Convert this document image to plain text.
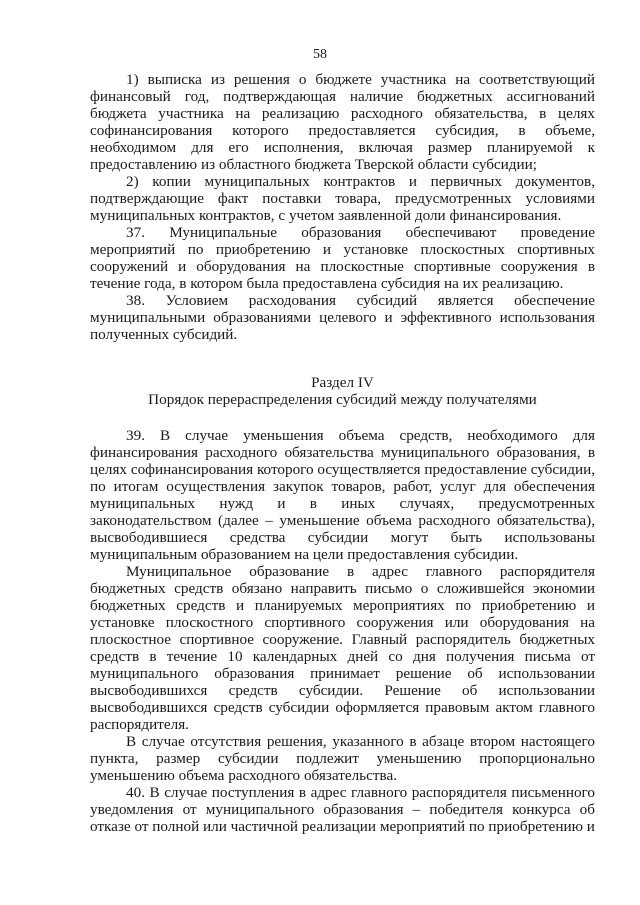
58

1) выписка из решения о бюджете участника на соответствующий финансовый год, подтверждающая наличие бюджетных ассигнований бюджета участника на реализацию расходного обязательства, в целях софинансирования которого предоставляется субсидия, в объеме, необходимом для его исполнения, включая размер планируемой к предоставлению из областного бюджета Тверской области субсидии;

2) копии муниципальных контрактов и первичных документов, подтверждающие факт поставки товара, предусмотренных условиями муниципальных контрактов, с учетом заявленной доли финансирования.

37. Муниципальные образования обеспечивают проведение мероприятий по приобретению и установке плоскостных спортивных сооружений и оборудования на плоскостные спортивные сооружения в течение года, в котором была предоставлена субсидия на их реализацию.

38. Условием расходования субсидий является обеспечение муниципальными образованиями целевого и эффективного использования полученных субсидий.

Раздел IV

Порядок перераспределения субсидий между получателями

39. В случае уменьшения объема средств, необходимого для финансирования расходного обязательства муниципального образования, в целях софинансирования которого осуществляется предоставление субсидии, по итогам осуществления закупок товаров, работ, услуг для обеспечения муниципальных нужд и в иных случаях, предусмотренных законодательством (далее – уменьшение объема расходного обязательства), высвободившиеся средства субсидии могут быть использованы муниципальным образованием на цели предоставления субсидии.

Муниципальное образование в адрес главного распорядителя бюджетных средств обязано направить письмо о сложившейся экономии бюджетных средств и планируемых мероприятиях по приобретению и установке плоскостного спортивного сооружения или оборудования на плоскостное спортивное сооружение. Главный распорядитель бюджетных средств в течение 10 календарных дней со дня получения письма от муниципального образования принимает решение об использовании высвободившихся средств субсидии. Решение об использовании высвободившихся средств субсидии оформляется правовым актом главного распорядителя.

В случае отсутствия решения, указанного в абзаце втором настоящего пункта, размер субсидии подлежит уменьшению пропорционально уменьшению объема расходного обязательства.

40. В случае поступления в адрес главного распорядителя письменного уведомления от муниципального образования – победителя конкурса об отказе от полной или частичной реализации мероприятий по приобретению и
